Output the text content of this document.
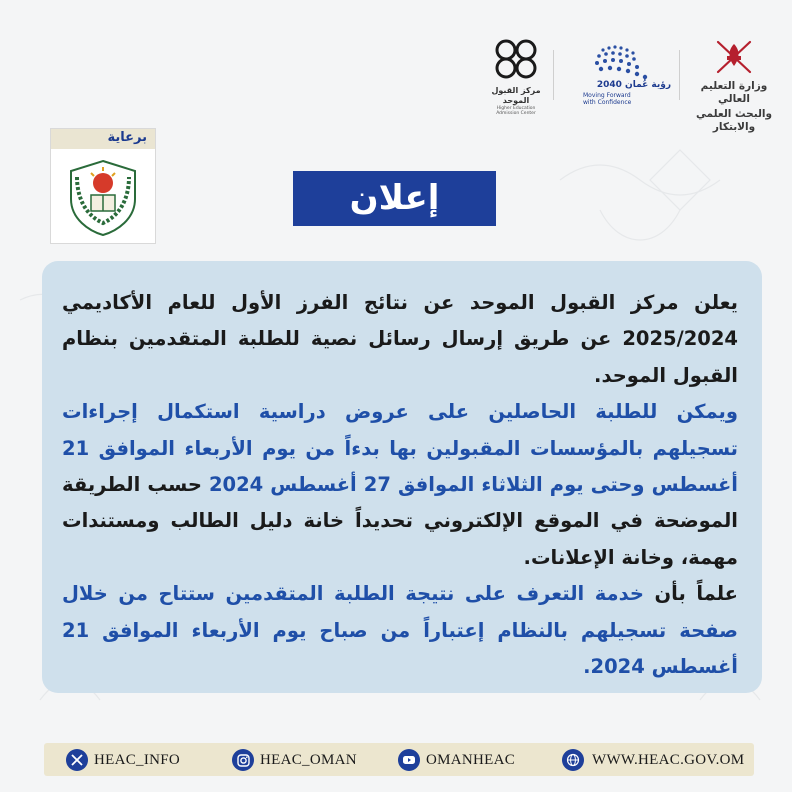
وزارة التعليم العالي
والبحث العلمي والابتكار
رؤية عُمان 2040
Moving Forward
with Confidence
مركز القبول الموحد
Higher Education Admission Center
برعاية
إعلان
يعلن مركز القبول الموحد عن نتائج الفرز الأول للعام الأكاديمي 2025/2024 عن طريق إرسال رسائل نصية للطلبة المتقدمين بنظام القبول الموحد.
ويمكن للطلبة الحاصلين على عروض دراسية استكمال إجراءات تسجيلهم بالمؤسسات المقبولين بها بدءاً من يوم الأربعاء الموافق 21 أغسطس وحتى يوم الثلاثاء الموافق 27 أغسطس 2024 حسب الطريقة الموضحة في الموقع الإلكتروني تحديداً خانة دليل الطالب ومستندات مهمة، وخانة الإعلانات.
علماً بأن خدمة التعرف على نتيجة الطلبة المتقدمين ستتاح من خلال صفحة تسجيلهم بالنظام إعتباراً من صباح يوم الأربعاء الموافق 21 أغسطس 2024.
HEAC_INFO	HEAC_OMAN	OMANHEAC	WWW.HEAC.GOV.OM
